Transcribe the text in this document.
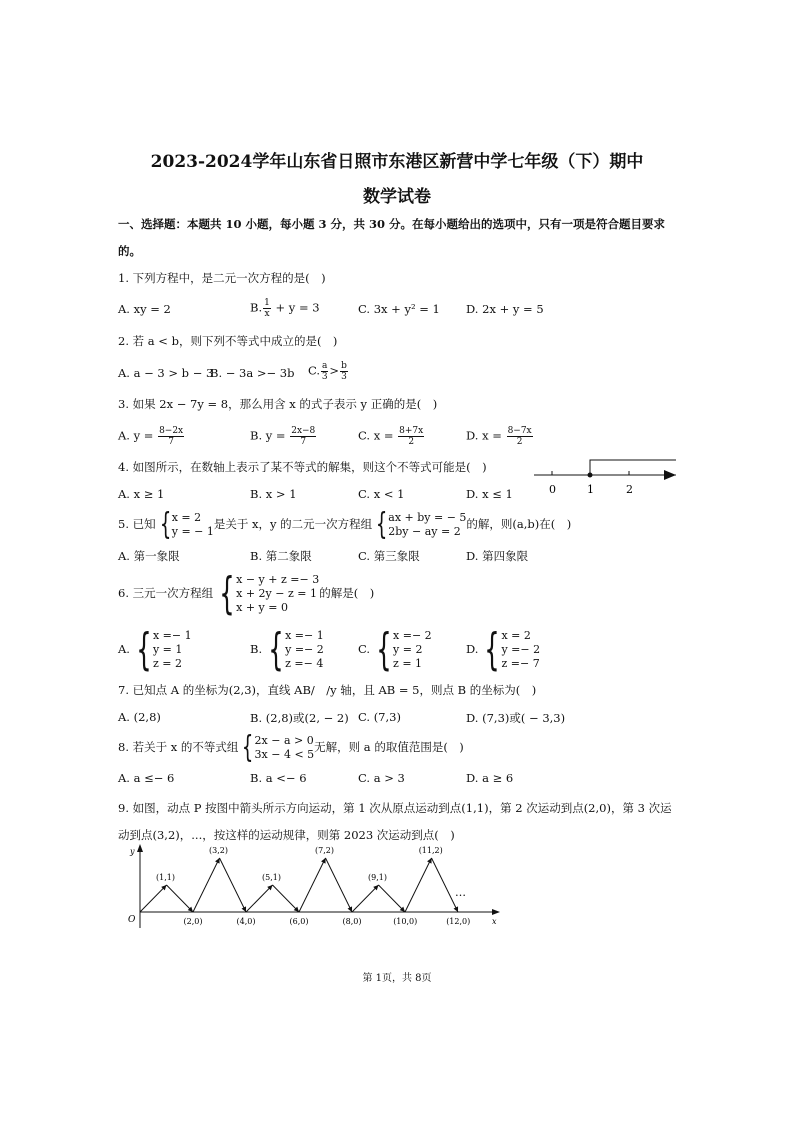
2023-2024学年山东省日照市东港区新营中学七年级（下）期中
数学试卷
一、选择题：本题共 10 小题，每小题 3 分，共 30 分。在每小题给出的选项中，只有一项是符合题目要求
的。
1. 下列方程中，是二元一次方程的是(　)
A. xy = 2	B. $\frac{1}{x} + y = 3$	C. 3x + y² = 1 D. 2x + y = 5
2. 若 a < b，则下列不等式中成立的是(　)
A. a − 3 > b − 3
B. − 3a >− 3b C. $\frac{a}{3} > \frac{b}{3}$
3. 如果 2x − 7y = 8，那么用含 x 的式子表示 y 正确的是(　)
A. $y = \frac{8-2x}{7}$	B. $y = \frac{2x-8}{7}$	C. $x = \frac{8+7x}{2}$	D. $x = \frac{8-7x}{2}$
4. 如图所示，在数轴上表示了某不等式的解集，则这个不等式可能是(　)
A. x ≥ 1	B. x > 1	C. x < 1	D. x ≤ 1	0	1	2
5. 已知 { x = 2
y = − 1
是关于 x，y 的二元一次方程组 { ax + by = − 5
2by − ay = 2
的解，则(a,b)在(　)
A. 第一象限	B. 第二象限	C. 第三象限	D. 第四象限
6. 三元一次方程组 { x − y + z =− 3
x + 2y − z = 1
x + y = 0
的解是(　)
A. { x =− 1
y = 1
z = 2
B. { x =− 1
y =− 2
z =− 4
C. { x =− 2
y = 2
z = 1
D. { x = 2
y =− 2
z =− 7
7. 已知点 A 的坐标为(2,3)，直线 AB/　/y 轴，且 AB = 5，则点 B 的坐标为(　)
A. (2,8)	B. (2,8)或(2, − 2) C. (7,3)	D. (7,3)或( − 3,3)
8. 若关于 x 的不等式组 { 2x − a > 0
3x − 4 < 5
无解，则 a 的取值范围是(　)
A. a ≤− 6	B. a <− 6	C. a > 3	D. a ≥ 6
9. 如图，动点 P 按图中箭头所示方向运动，第 1 次从原点运动到点(1,1)，第 2 次运动到点(2,0)，第 3 次运
动到点(3,2)，...，按这样的运动规律，则第 2023 次运动到点(　)
O	x
y
(1,1)
(2,0)
(3,2)
(4,0)
(5,1)
(6,0)
(7,2)
(8,0)
(9,1)
(10,0)
(11,2)
(12,0)
…
第 1页，共 8页
